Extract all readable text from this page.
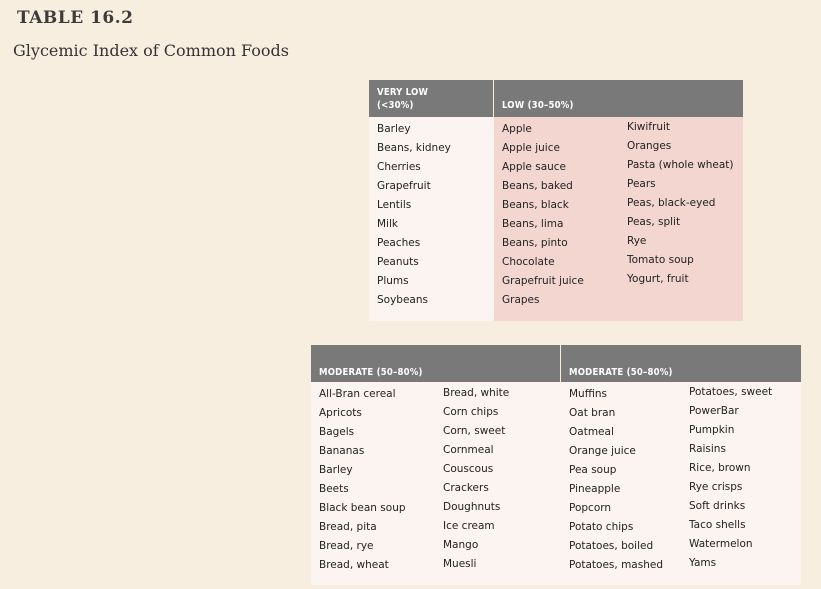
TABLE 16.2
Glycemic Index of Common Foods
VERY LOW
(<30%)	LOW (30–50%)
Barley
Beans, kidney
Cherries
Grapefruit
Lentils
Milk
Peaches
Peanuts
Plums
Soybeans
Apple
Apple juice
Apple sauce
Beans, baked
Beans, black
Beans, lima
Beans, pinto
Chocolate
Grapefruit juice
Grapes
Kiwifruit
Oranges
Pasta (whole wheat)
Pears
Peas, black-eyed
Peas, split
Rye
Tomato soup
Yogurt, fruit
MODERATE (50–80%)	MODERATE (50–80%)
All-Bran cereal
Apricots
Bagels
Bananas
Barley
Beets
Black bean soup
Bread, pita
Bread, rye
Bread, wheat
Bread, white
Corn chips
Corn, sweet
Cornmeal
Couscous
Crackers
Doughnuts
Ice cream
Mango
Muesli
Muffins
Oat bran
Oatmeal
Orange juice
Pea soup
Pineapple
Popcorn
Potato chips
Potatoes, boiled
Potatoes, mashed
Potatoes, sweet
PowerBar
Pumpkin
Raisins
Rice, brown
Rye crisps
Soft drinks
Taco shells
Watermelon
Yams
